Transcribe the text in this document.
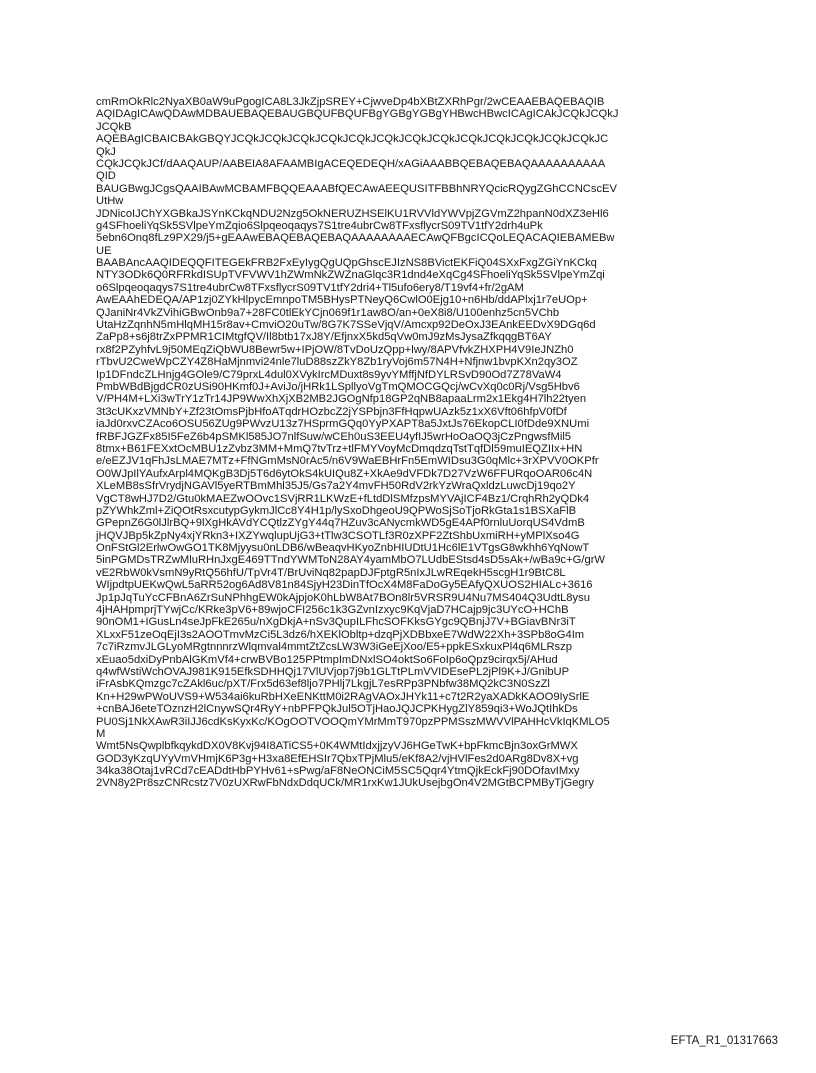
cmRmOkRlc2NyaXB0aW9uPgogICA8L3JkZjpSREY+CjwveDp4bXBtZXRhPgr/2wCEAAEBAQEBAQIB
AQIDAgICAwQDAwMDBAUEBAQEBAUGBQUFBQUFBgYGBgYGBgYHBwcHBwcICAgICAkJCQkJCQkJ
JCQkB
AQEBAgICBAICBAkGBQYJCQkJCQkJCQkJCQkJCQkJCQkJCQkJCQkJCQkJCQkJCQkJCQkJCQkJC
QkJ
CQkJCQkJCf/dAAQAUP/AABEIA8AFAAMBIgACEQEDEQH/xAGiAAABBQEBAQEBAQAAAAAAAAAA
QID
BAUGBwgJCgsQAAIBAwMCBAMFBQQEAAABfQECAwAEEQUSITFBBhNRYQcicRQygZGhCCNCscEV
UtHw
JDNicoIJChYXGBkaJSYnKCkqNDU2Nzg5OkNERUZHSElKU1RVVldYWVpjZGVmZ2hpanN0dXZ3eHl6
g4SFhoeliYqSk5SVlpeYmZqio6Slpqeoqaqys7S1tre4ubrCw8TFxsflycrS09TV1tfY2drh4uPk
5ebn6Onq8fLz9PX29/j5+gEAAwEBAQEBAQEBAQAAAAAAAAECAwQFBgcICQoLEQACAQIEBAMEBw
UE
BAABAncAAQIDEQQFITEGEkFRB2FxEyIygQgUQpGhscEJIzNS8BVictEKFiQ04SXxFxgZGiYnKCkq
NTY3ODk6Q0RFRkdISUpTVFVWV1hZWmNkZWZnaGlqc3R1dnd4eXqCg4SFhoeliYqSk5SVlpeYmZqi
o6Slpqeoqaqys7S1tre4ubrCw8TFxsflycrS09TV1tfY2dri4+Tl5ufo6ery8/T19vf4+fr/2gAM
AwEAAhEDEQA/AP1zj0ZYkHlpycEmnpoTM5BHysPTNeyQ6CwlO0Ejg10+n6Hb/ddAPlxj1r7eUOp+
QJaniNr4VkZVihiGBwOnb9a7+28FC0tlEkYCjn069f1r1aw8O/an+0eX8i8/U100enhz5cn5VChb
UtaHzZqnhN5mHlqMH15r8av+CmviO20uTw/8G7K7SSeVjqV/Amcxp92DeOxJ3EAnkEEDvX9DGq6d
ZaPp8+s6j8trZxPPMR1CIMtgfQV/Il8btb17xJ8Y/EfjnxX5kd5qVw0mJ9zMsJysaZfkqqgBT6AY
rx8f2PZyhfvL9j50MEqZiQbWU8Bewr5w+IPjOW/8TvDoUzQpp+lwy/8APVfvkZHXPH4V9IeJNZh0
rTbvU2CweWpCZY4Z8HaMjnmvi24nle7luD88szZkY8Zb1ryVoj6m57N4H+Nfjnw1bvpKXn2qy3OZ
Ip1DFndcZLHnjg4GOle9/C79prxL4dul0XVykIrcMDuxt8s9yvYMffjNfDYLRSvD90Od7Z78VaW4
PmbWBdBjgdCR0zUSi90HKmf0J+AviJo/jHRk1LSpllyoVgTmQMOCGQcj/wCvXq0c0Rj/Vsg5Hbv6
V/PH4M+LXi3wTrY1zTr14JP9WwXhXjXB2MB2JGOgNfp18GP2qNB8apaaLrm2x1Ekg4H7lh22tyen
3t3cUKxzVMNbY+Zf23tOmsPjbHfoATqdrHOzbcZ2jYSPbjn3FfHqpwUAzk5z1xX6Vft06hfpV0fDf
iaJd0rxvCZAco6OSU56ZUg9PWvzU13z7HSprmGQq0YyPXAPT8a5JxtJs76EkopCLI0fDde9XNUmi
fRBFJGZFx85I5FeZ6b4pSMKl585JO7nlfSuw/wCEh0uS3EEU4yfIJ5wrHoOaOQ3jCzPngwsfMil5
8tmx+B61FEXxtOcMBU1zZvbz3MM+MmQ7tvTrz+tlFMYVoyMcDmqdzqTstTqfDl59muIEQZIIx+HN
e/eEZJV1qFhJsLMAE7MTz+FfNGmMsN0rAc5/n6V9WaEBHrFn5EmWIDsu3G0qMlc+3rXPVV0OKPfr
O0WJpIlYAufxArpl4MQKgB3Dj5T6d6ytOkS4kUIQu8Z+XkAe9dVFDk7D27VzW6FFURqoOAR06c4N
XLeMB8sSfrVrydjNGAVl5yeRTBmMhl35J5/Gs7a2Y4mvFH50RdV2rkYzWraQxldzLuwcDj19qo2Y
VgCT8wHJ7D2/Gtu0kMAEZwOOvc1SVjRR1LKWzE+fLtdDlSMfzpsMYVAjICF4Bz1/CrqhRh2yQDk4
pZYWhkZml+ZiQOtRsxcutypGykmJlCc8Y4H1p/lySxoDhgeoU9QPWoSjSoTjoRkGta1s1BSXaFlB
GPepnZ6G0lJlrBQ+9lXgHkAVdYCQtlzZYgY44q7HZuv3cANycmkWD5gE4APf0rnluUorqUS4VdmB
jHQVJBp5kZpNy4xjYRkn3+IXZYwqlupUjG3+tTlw3CSOTLf3R0zXPF2ZtShbUxmiRH+yMPlXso4G
OnFStGl2ErlwOwGO1TK8Mjyysu0nLDB6/wBeaqvHKyoZnbHIUDtU1Hc6lE1VTgsG8wkhh6YqNowT
5inPGMDsTRZwMluRHnJxgE469TTndYWMToN28AY4yamMbO7LUdbEStsd4sD5sAk+/wBa9c+G/grW
vE2RbW0kVsmN9yRtQ56hfU/TpVr4T/BrUviNq82papDJFptgR5nIxJLwREqekH5scgH1r9BtC8L
WIjpdtpUEKwQwL5aRR52og6Ad8V81n84SjyH23DinTfOcX4M8FaDoGy5EAfyQXUOS2HIALc+3616
Jp1pJqTuYcCFBnA6ZrSuNPhhgEW0kAjpjoK0hLbW8At7BOn8lr5VRSR9U4Nu7MS404Q3UdtL8ysu
4jHAHpmprjTYwjCc/KRke3pV6+89wjoCFI256c1k3GZvnIzxyc9KqVjaD7HCajp9jc3UYcO+HChB
90nOM1+IGusLn4seJpFkE265u/nXgDkjA+nSv3QupILFhcSOFKksGYgc9QBnjJ7V+BGiavBNr3iT
XLxxF51zeOqEjI3s2AOOTmvMzCi5L3dz6/hXEKlObltp+dzqPjXDBbxeE7WdW22Xh+3SPb8oG4Im
7c7iRzmvJLGLyoMRgtnnnrzWlqmval4mmtZtZcsLW3W3iGeEjXoo/E5+ppkESxkuxPl4q6MLRszp
xEuao5dxiDyPnbAlGKmVf4+crwBVBo125PPtmpImDNxlSO4oktSo6FoIp6oQpz9cirqx5j/AHud
q4wfWstiWchOVAJ981K915EfkSDHHQj17VlUVjop7j9b1GLTtPLmVVIDEsePL2jPl9K+J/GnibUP
iFrAsbKQmzgc7cZAkl6uc/pXT/Frx5d63ef8ljo7PHlj7LkgjL7esRPp3PNbfw38MQ2kC3N0SzZl
Kn+H29wPWoUVS9+W534ai6kuRbHXeENKttM0i2RAgVAOxJHYk11+c7t2R2yaXADkKAOO9IySrlE
+cnBAJ6eteTOznzH2lCnywSQr4RyY+nbPFPQkJul5OTjHaoJQJCPKHygZlY859qi3+WoJQtIhkDs
PU0Sj1NkXAwR3iIJJ6cdKsKyxKc/KOgOOTVOOQmYMrMmT970pzPPMSszMWVVlPAHHcVkIqKMLO5
M
Wmt5NsQwplbfkqykdDX0V8Kvj94I8ATiCS5+0K4WMtIdxjjzyVJ6HGeTwK+bpFkmcBjn3oxGrMWX
GOD3yKzqUYyVmVHmjK6P3g+H3xa8EfEHSIr7QbxTPjMlu5/eKf8A2/vjHVlFes2d0ARg8Dv8X+vg
34ka38Otaj1vRCd7cEADdtHbPYHv61+sPwg/aF8NeONCiM5SC5Qqr4YtmQjkEckFj90DOfavIMxy
2VN8y2Pr8szCNRcstz7V0zUXRwFbNdxDdqUCk/MR1rxKw1JUkUsejbgOn4V2MGtBCPMByTjGegry
EFTA_R1_01317663
